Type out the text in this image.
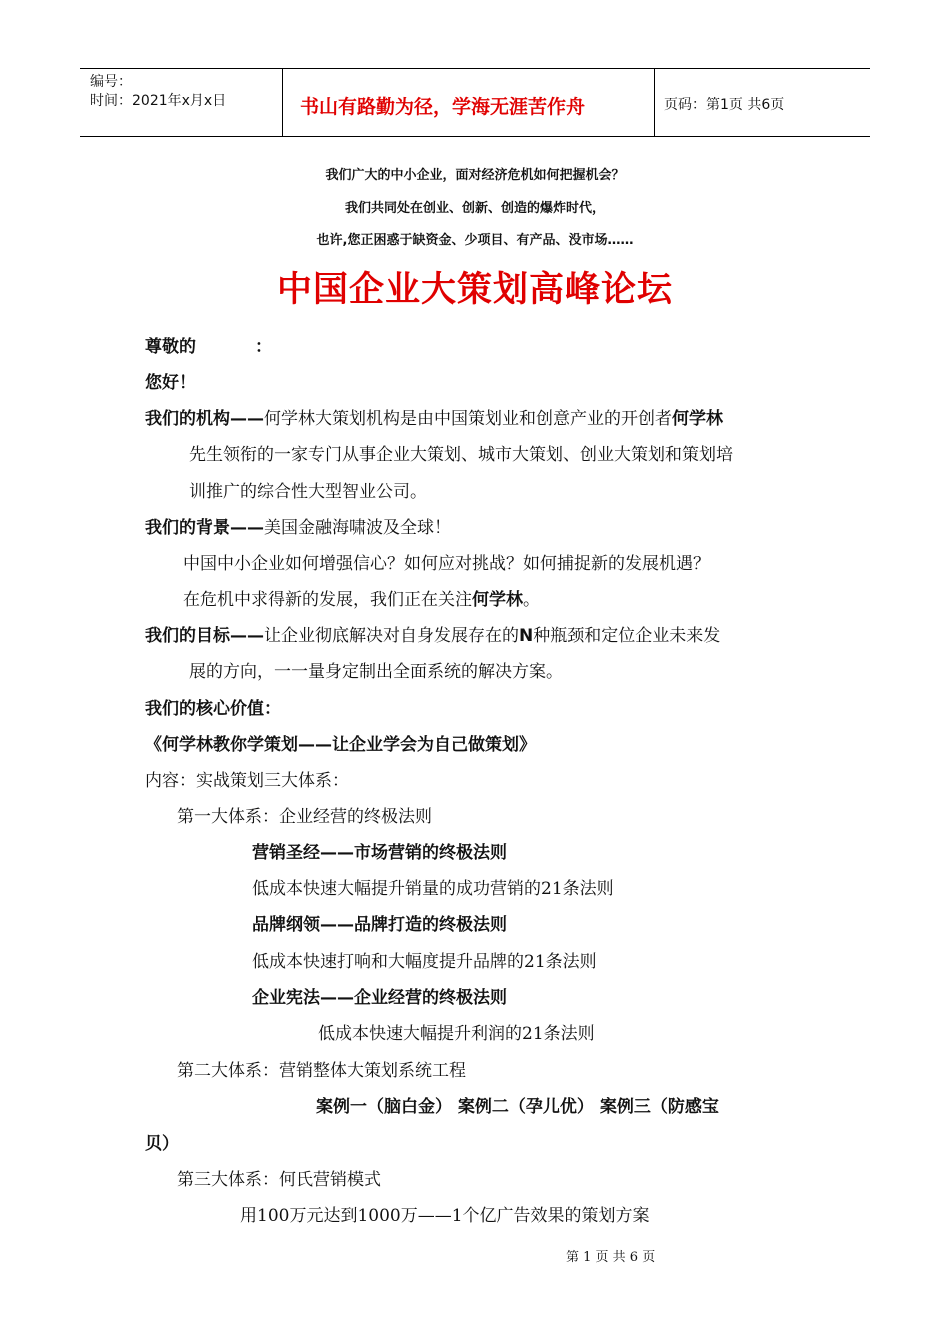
编号：
时间：2021年x月x日	书山有路勤为径，学海无涯苦作舟	页码：第1页 共6页
我们广大的中小企业，面对经济危机如何把握机会？
我们共同处在创业、创新、创造的爆炸时代，
也许,您正困惑于缺资金、少项目、有产品、没市场……
中国企业大策划高峰论坛
尊敬的	：
您好！
我们的机构——何学林大策划机构是由中国策划业和创意产业的开创者何学林
先生领衔的一家专门从事企业大策划、城市大策划、创业大策划和策划培
训推广的综合性大型智业公司。
我们的背景——美国金融海啸波及全球！
中国中小企业如何增强信心？如何应对挑战？如何捕捉新的发展机遇？
在危机中求得新的发展，我们正在关注何学林。
我们的目标——让企业彻底解决对自身发展存在的N种瓶颈和定位企业未来发
展的方向，一一量身定制出全面系统的解决方案。
我们的核心价值：
《何学林教你学策划——让企业学会为自己做策划》
内容：实战策划三大体系：
第一大体系：企业经营的终极法则
营销圣经——市场营销的终极法则
低成本快速大幅提升销量的成功营销的21条法则
品牌纲领——品牌打造的终极法则
低成本快速打响和大幅度提升品牌的21条法则
企业宪法——企业经营的终极法则
低成本快速大幅提升利润的21条法则
第二大体系：营销整体大策划系统工程
案例一（脑白金） 案例二（孕儿优） 案例三（防感宝
贝）
第三大体系：何氏营销模式
用100万元达到1000万——1个亿广告效果的策划方案
第 1 页 共 6 页
